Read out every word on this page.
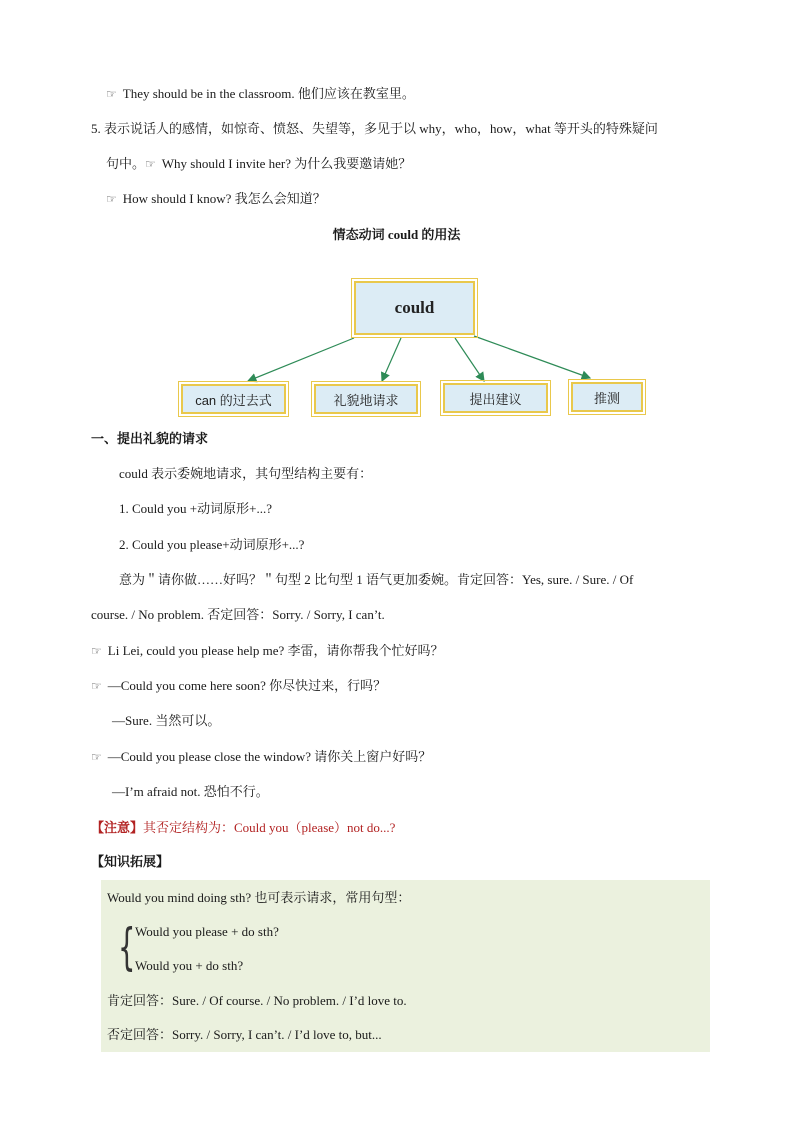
☞ They should be in the classroom. 他们应该在教室里。
5. 表示说话人的感情，如惊奇、愤怒、失望等，多见于以 why，who，how，what 等开头的特殊疑问
句中。☞ Why should I invite her? 为什么我要邀请她？
☞ How should I know? 我怎么会知道？
情态动词 could 的用法
could
can 的过去式	礼貌地请求	提出建议	推测
一、提出礼貌的请求
could 表示委婉地请求，其句型结构主要有：
1. Could you +动词原形+...?
2. Could you please+动词原形+...?
意为＂请你做……好吗？＂句型 2 比句型 1 语气更加委婉。肯定回答：Yes, sure. / Sure. / Of
course. / No problem. 否定回答：Sorry. / Sorry, I can’t.
☞ Li Lei, could you please help me? 李雷，请你帮我个忙好吗？
☞ —Could you come here soon? 你尽快过来，行吗？
—Sure. 当然可以。
☞ —Could you please close the window? 请你关上窗户好吗？
—I’m afraid not. 恐怕不行。
【注意】其否定结构为：Could you（please）not do...?
【知识拓展】
Would you mind doing sth? 也可表示请求，常用句型：
{ Would you please + do sth?
Would you + do sth?
肯定回答：Sure. / Of course. / No problem. / I’d love to.
否定回答：Sorry. / Sorry, I can’t. / I’d love to, but...
